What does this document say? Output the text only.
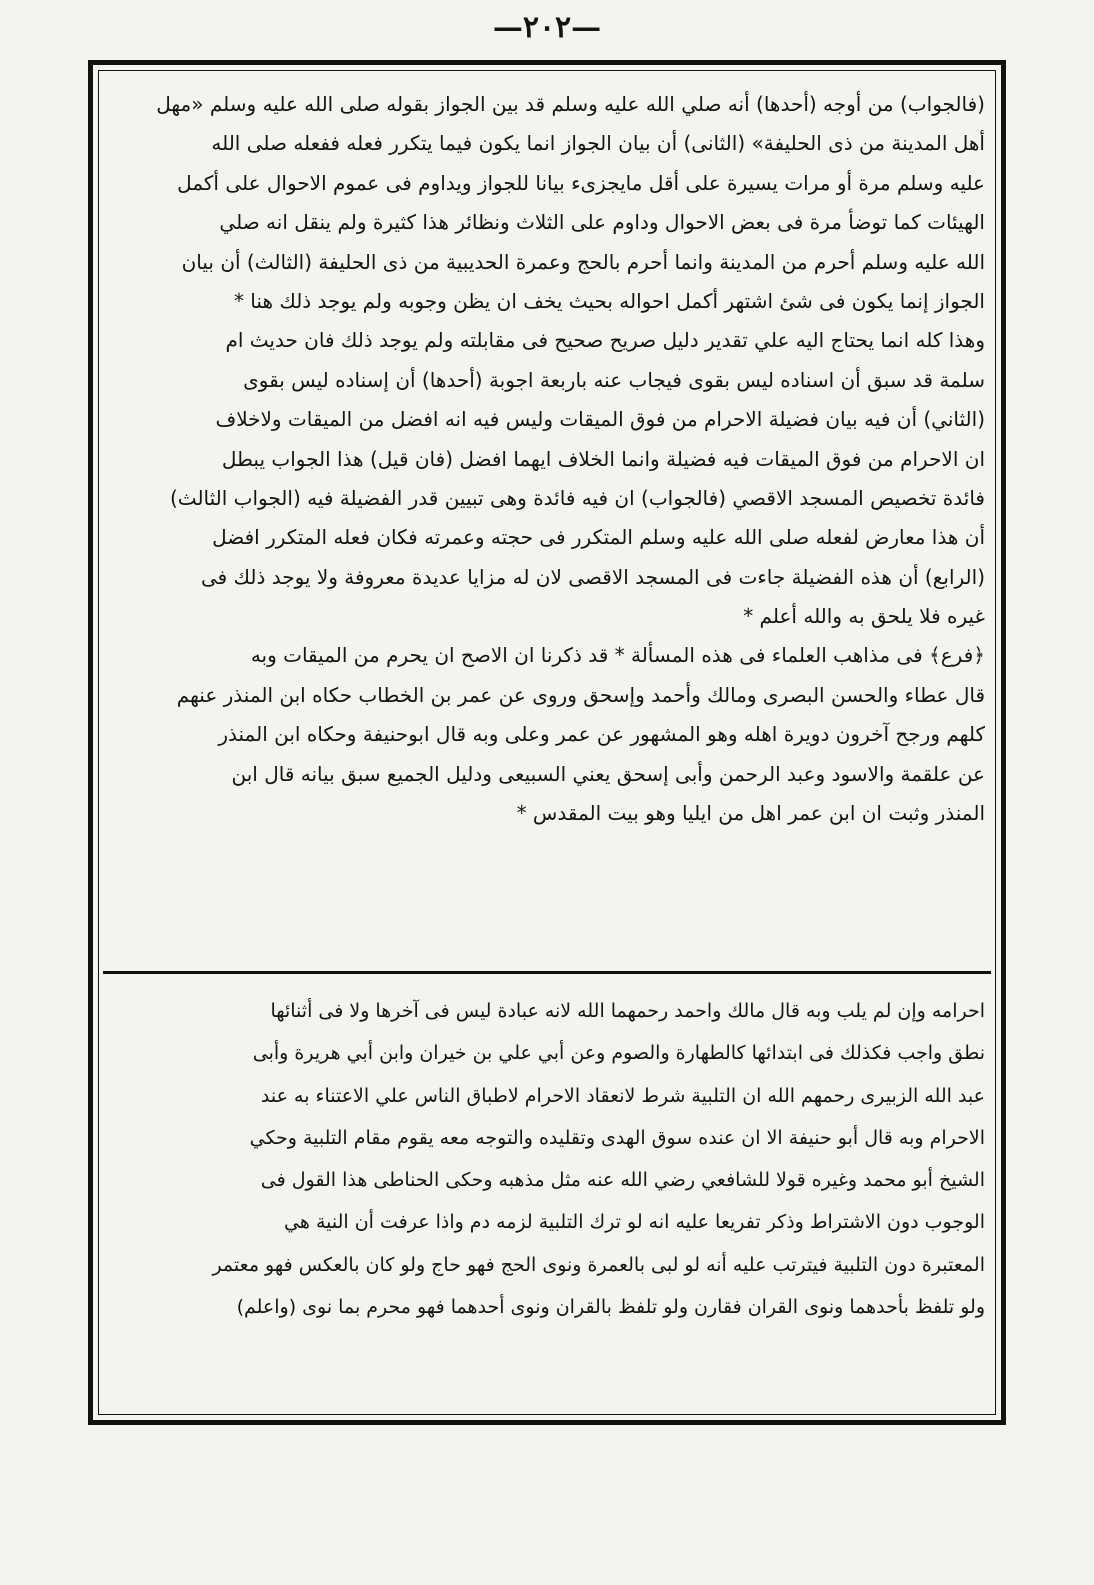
—٢٠٢—
(فالجواب) من أوجه (أحدها) أنه صلي الله عليه وسلم قد بين الجواز بقوله صلى الله عليه وسلم «مهل
أهل المدينة من ذى الحليفة» (الثانى) أن بيان الجواز انما يكون فيما يتكرر فعله ففعله صلى الله
عليه وسلم مرة أو مرات يسيرة على أقل مايجزىء بيانا للجواز ويداوم فى عموم الاحوال على أكمل
الهيئات كما توضأ مرة فى بعض الاحوال وداوم على الثلاث ونظائر هذا كثيرة ولم ينقل انه صلي
الله عليه وسلم أحرم من المدينة وانما أحرم بالحج وعمرة الحديبية من ذى الحليفة (الثالث) أن بيان
الجواز إنما يكون فى شئ اشتهر أكمل احواله بحيث يخف ان يظن وجوبه ولم يوجد ذلك هنا *
وهذا كله انما يحتاج اليه علي تقدير دليل صريح صحيح فى مقابلته ولم يوجد ذلك فان حديث ام
سلمة قد سبق أن اسناده ليس بقوى فيجاب عنه باربعة اجوبة (أحدها) أن إسناده ليس بقوى
(الثاني) أن فيه بيان فضيلة الاحرام من فوق الميقات وليس فيه انه افضل من الميقات ولاخلاف
ان الاحرام من فوق الميقات فيه فضيلة وانما الخلاف ايهما افضل (فان قيل) هذا الجواب يبطل
فائدة تخصيص المسجد الاقصي (فالجواب) ان فيه فائدة وهى تبيين قدر الفضيلة فيه (الجواب الثالث)
أن هذا معارض لفعله صلى الله عليه وسلم المتكرر فى حجته وعمرته فكان فعله المتكرر افضل
(الرابع) أن هذه الفضيلة جاءت فى المسجد الاقصى لان له مزايا عديدة معروفة ولا يوجد ذلك فى
غيره فلا يلحق به والله أعلم *
﴿فرع﴾ فى مذاهب العلماء فى هذه المسألة * قد ذكرنا ان الاصح ان يحرم من الميقات وبه
قال عطاء والحسن البصرى ومالك وأحمد وإسحق وروى عن عمر بن الخطاب حكاه ابن المنذر عنهم
كلهم ورجح آخرون دويرة اهله وهو المشهور عن عمر وعلى وبه قال ابوحنيفة وحكاه ابن المنذر
عن علقمة والاسود وعبد الرحمن وأبى إسحق يعني السبيعى ودليل الجميع سبق بيانه قال ابن
المنذر وثبت ان ابن عمر اهل من ايليا وهو بيت المقدس *
احرامه وإن لم يلب وبه قال مالك واحمد رحمهما الله لانه عبادة ليس فى آخرها ولا فى أثنائها
نطق واجب فكذلك فى ابتدائها كالطهارة والصوم وعن أبي علي بن خيران وابن أبي هريرة وأبى
عبد الله الزبيرى رحمهم الله ان التلبية شرط لانعقاد الاحرام لاطباق الناس علي الاعتناء به عند
الاحرام وبه قال أبو حنيفة الا ان عنده سوق الهدى وتقليده والتوجه معه يقوم مقام التلبية وحكي
الشيخ أبو محمد وغيره قولا للشافعي رضي الله عنه مثل مذهبه وحكى الحناطى هذا القول فى
الوجوب دون الاشتراط وذكر تفريعا عليه انه لو ترك التلبية لزمه دم واذا عرفت أن النية هي
المعتبرة دون التلبية فيترتب عليه أنه لو لبى بالعمرة ونوى الحج فهو حاج ولو كان بالعكس فهو معتمر
ولو تلفظ بأحدهما ونوى القران فقارن ولو تلفظ بالقران ونوى أحدهما فهو محرم بما نوى (واعلم)
